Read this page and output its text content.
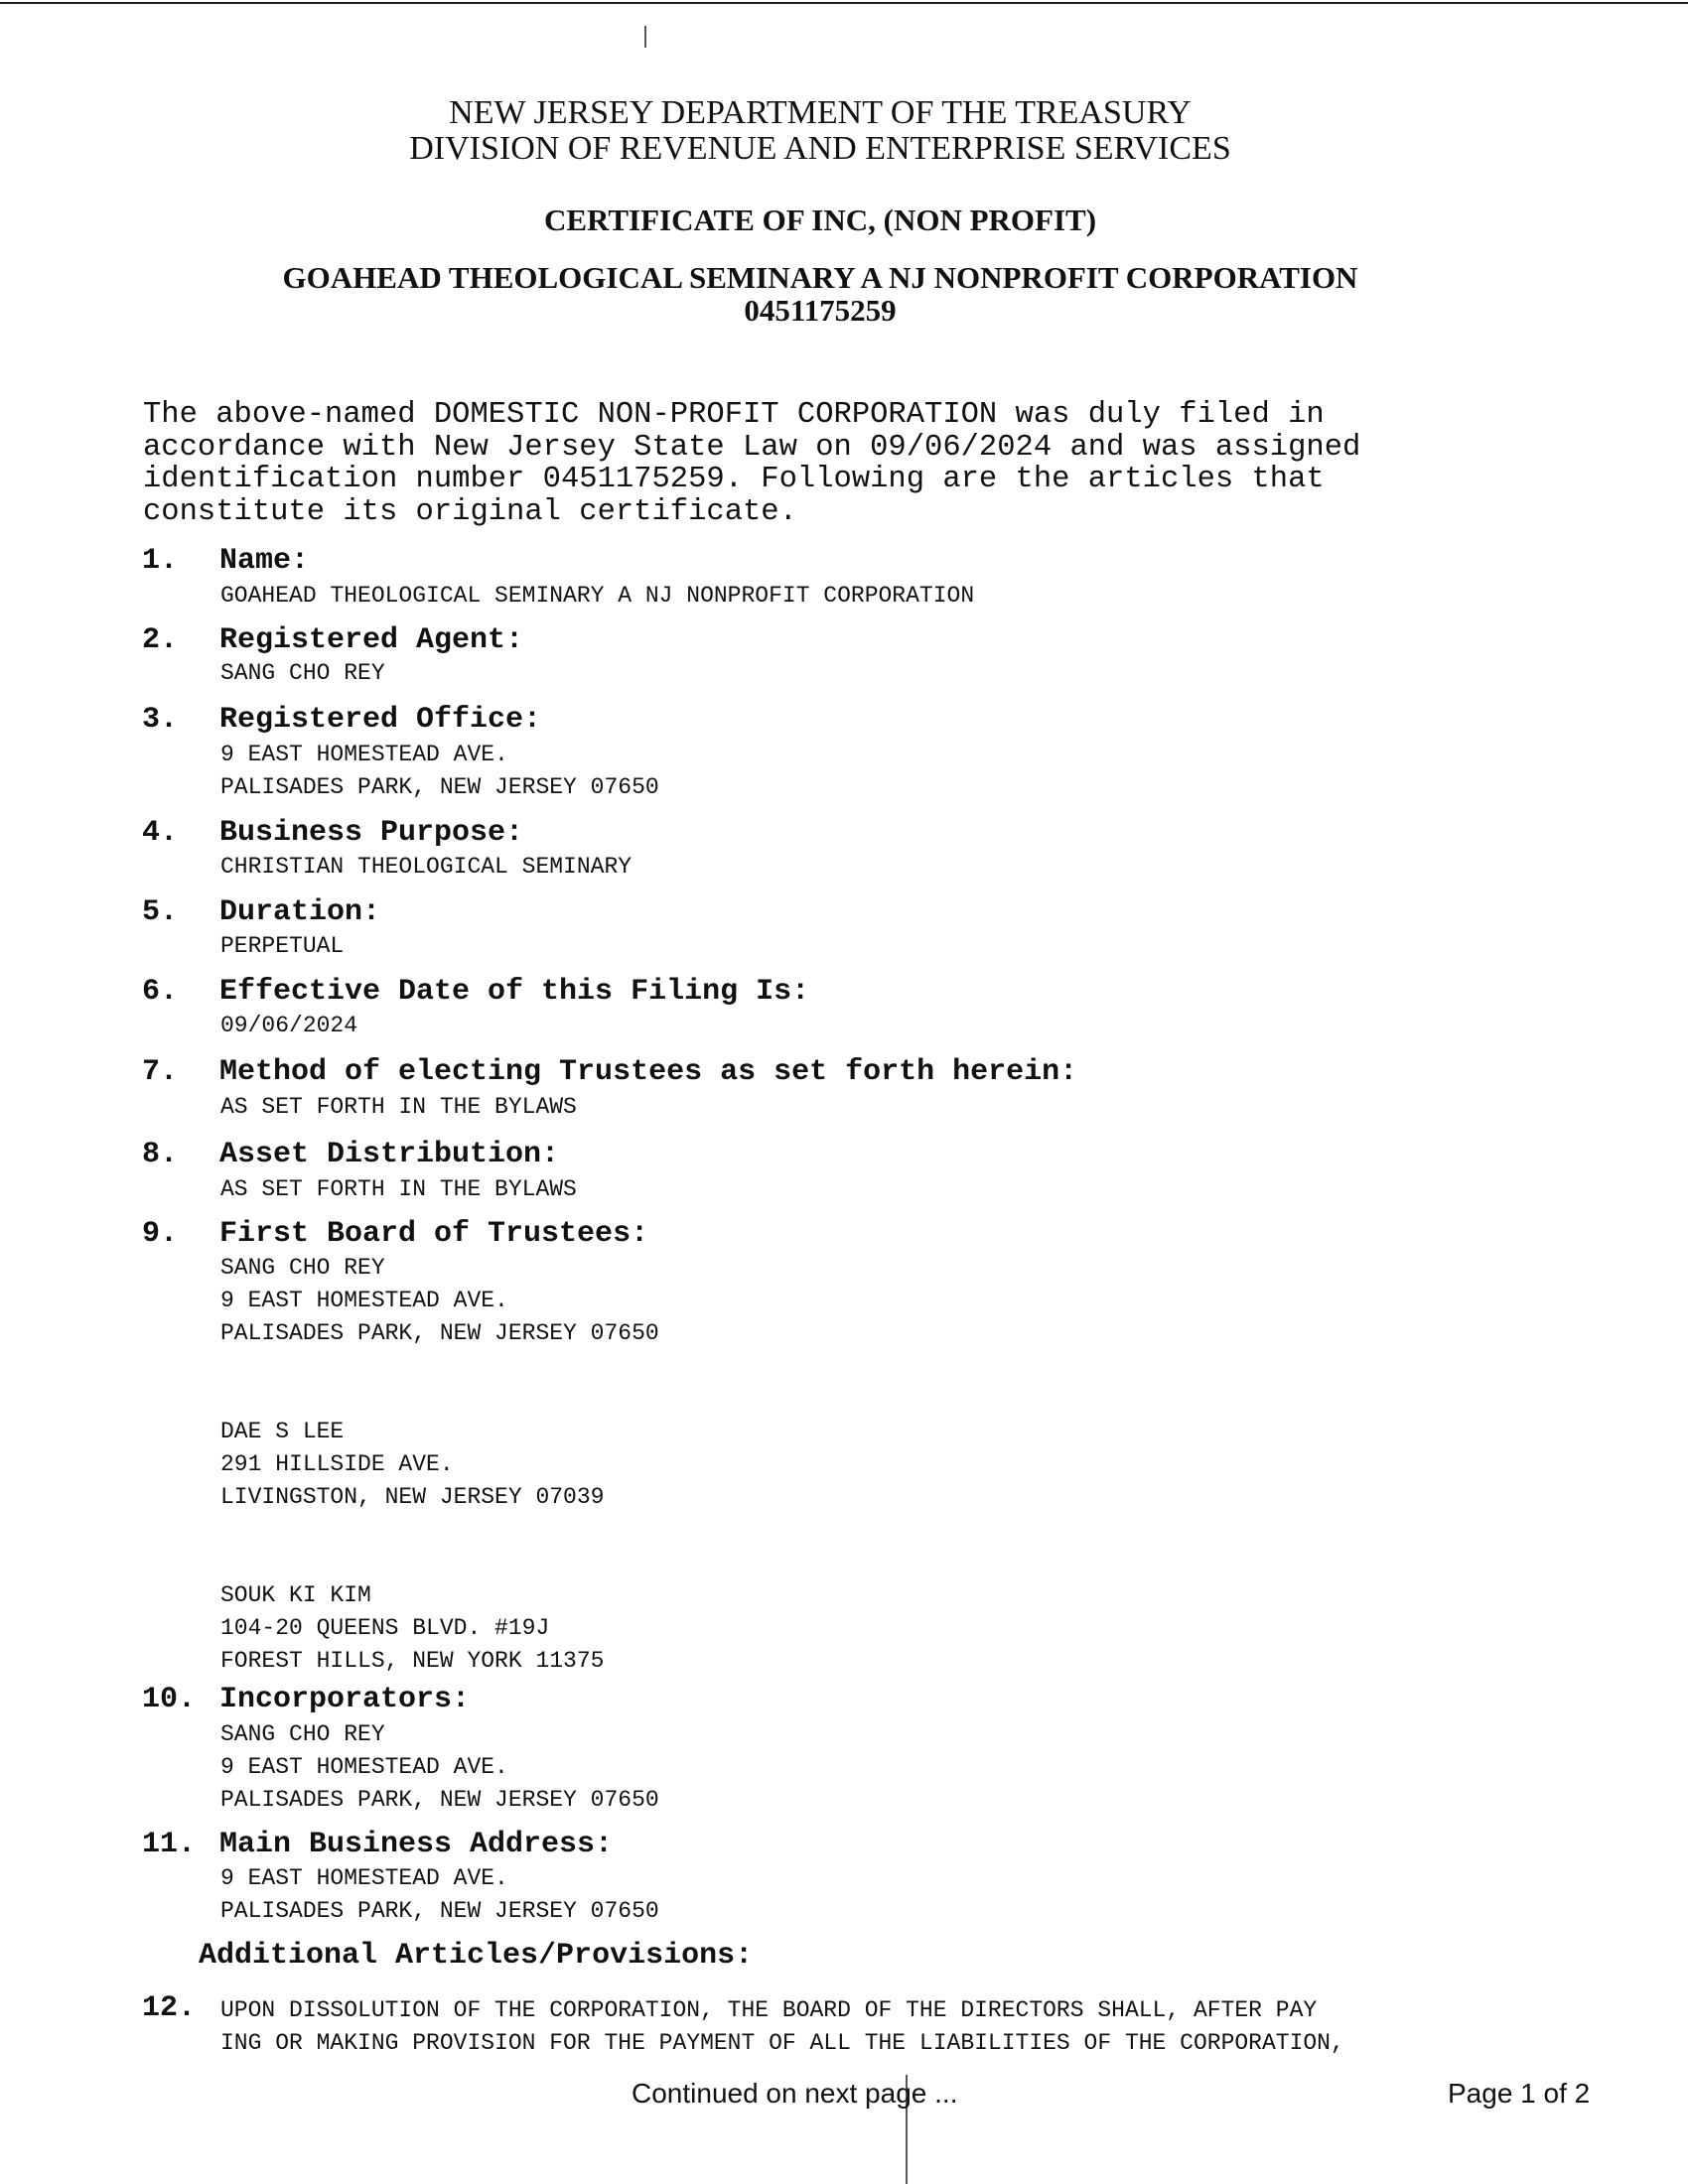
NEW JERSEY DEPARTMENT OF THE TREASURY
DIVISION OF REVENUE AND ENTERPRISE SERVICES
CERTIFICATE OF INC, (NON PROFIT)
GOAHEAD THEOLOGICAL SEMINARY A NJ NONPROFIT CORPORATION
0451175259
The above-named DOMESTIC NON-PROFIT CORPORATION was duly filed in
accordance with New Jersey State Law on 09/06/2024 and was assigned
identification number 0451175259. Following are the articles that
constitute its original certificate.
1. Name:
GOAHEAD THEOLOGICAL SEMINARY A NJ NONPROFIT CORPORATION
2. Registered Agent:
SANG CHO REY
3. Registered Office:
9 EAST HOMESTEAD AVE.
PALISADES PARK, NEW JERSEY 07650
4. Business Purpose:
CHRISTIAN THEOLOGICAL SEMINARY
5. Duration:
PERPETUAL
6. Effective Date of this Filing Is:
09/06/2024
7. Method of electing Trustees as set forth herein:
AS SET FORTH IN THE BYLAWS
8. Asset Distribution:
AS SET FORTH IN THE BYLAWS
9. First Board of Trustees:
SANG CHO REY
9 EAST HOMESTEAD AVE.
PALISADES PARK, NEW JERSEY 07650

DAE S LEE
291 HILLSIDE AVE.
LIVINGSTON, NEW JERSEY 07039

SOUK KI KIM
104-20 QUEENS BLVD. #19J
FOREST HILLS, NEW YORK 11375
10. Incorporators:
SANG CHO REY
9 EAST HOMESTEAD AVE.
PALISADES PARK, NEW JERSEY 07650
11. Main Business Address:
9 EAST HOMESTEAD AVE.
PALISADES PARK, NEW JERSEY 07650
Additional Articles/Provisions:
12. UPON DISSOLUTION OF THE CORPORATION, THE BOARD OF THE DIRECTORS SHALL, AFTER PAY
ING OR MAKING PROVISION FOR THE PAYMENT OF ALL THE LIABILITIES OF THE CORPORATION,
Continued on next page ...	Page 1 of 2
